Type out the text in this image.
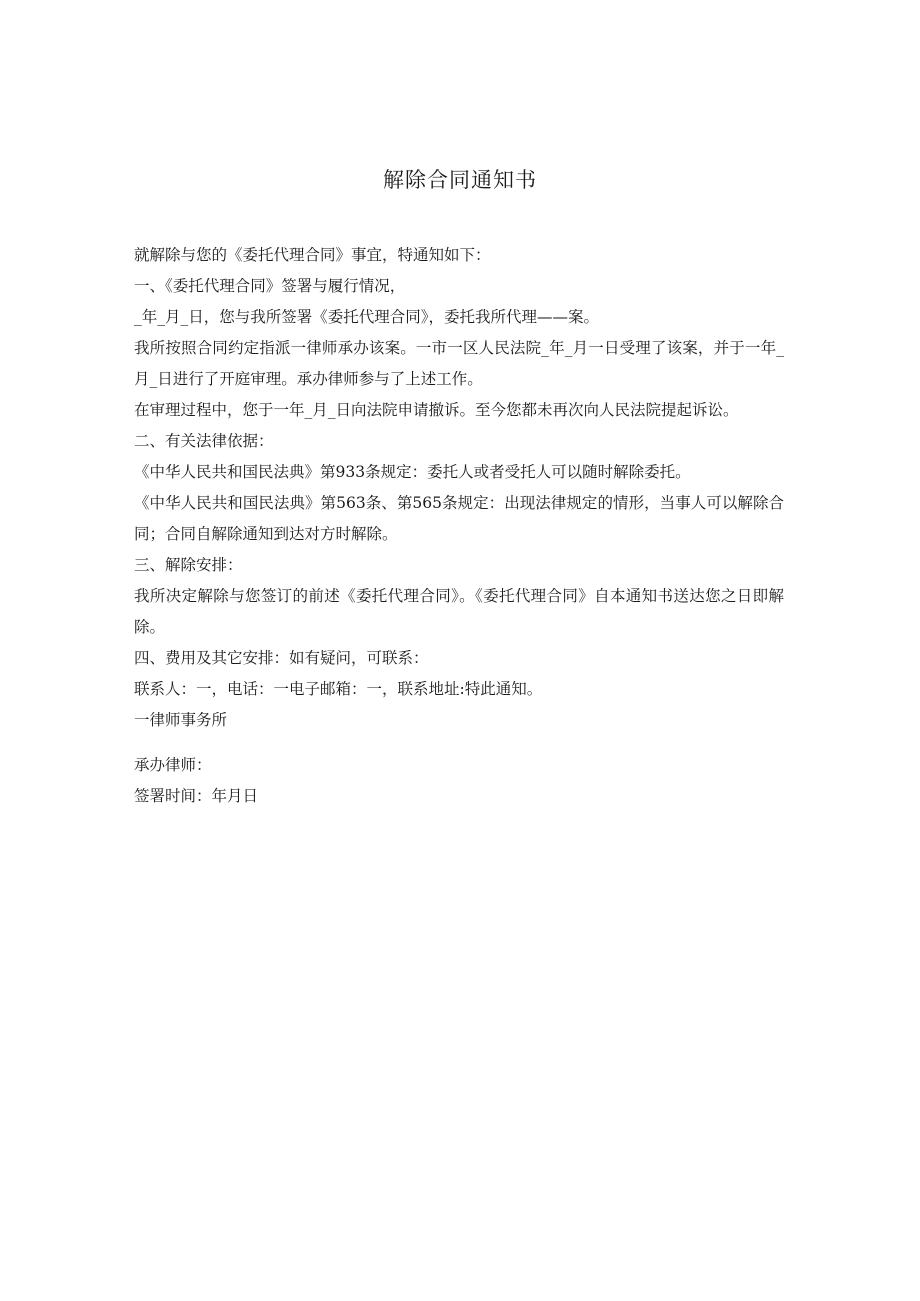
解除合同通知书

就解除与您的《委托代理合同》事宜，特通知如下：

一、《委托代理合同》签署与履行情况，

_年_月_日，您与我所签署《委托代理合同》，委托我所代理——案。

我所按照合同约定指派一律师承办该案。一市一区人民法院_年_月一日受理了该案，并于一年_月_日进行了开庭审理。承办律师参与了上述工作。

在审理过程中，您于一年_月_日向法院申请撤诉。至今您都未再次向人民法院提起诉讼。

二、有关法律依据：

《中华人民共和国民法典》第933条规定：委托人或者受托人可以随时解除委托。

《中华人民共和国民法典》第563条、第565条规定：出现法律规定的情形，当事人可以解除合同；合同自解除通知到达对方时解除。

三、解除安排：

我所决定解除与您签订的前述《委托代理合同》。《委托代理合同》自本通知书送达您之日即解除。

四、费用及其它安排：如有疑问，可联系：

联系人：一，电话：一电子邮箱：一，联系地址:特此通知。

一律师事务所

承办律师：

签署时间：年月日
